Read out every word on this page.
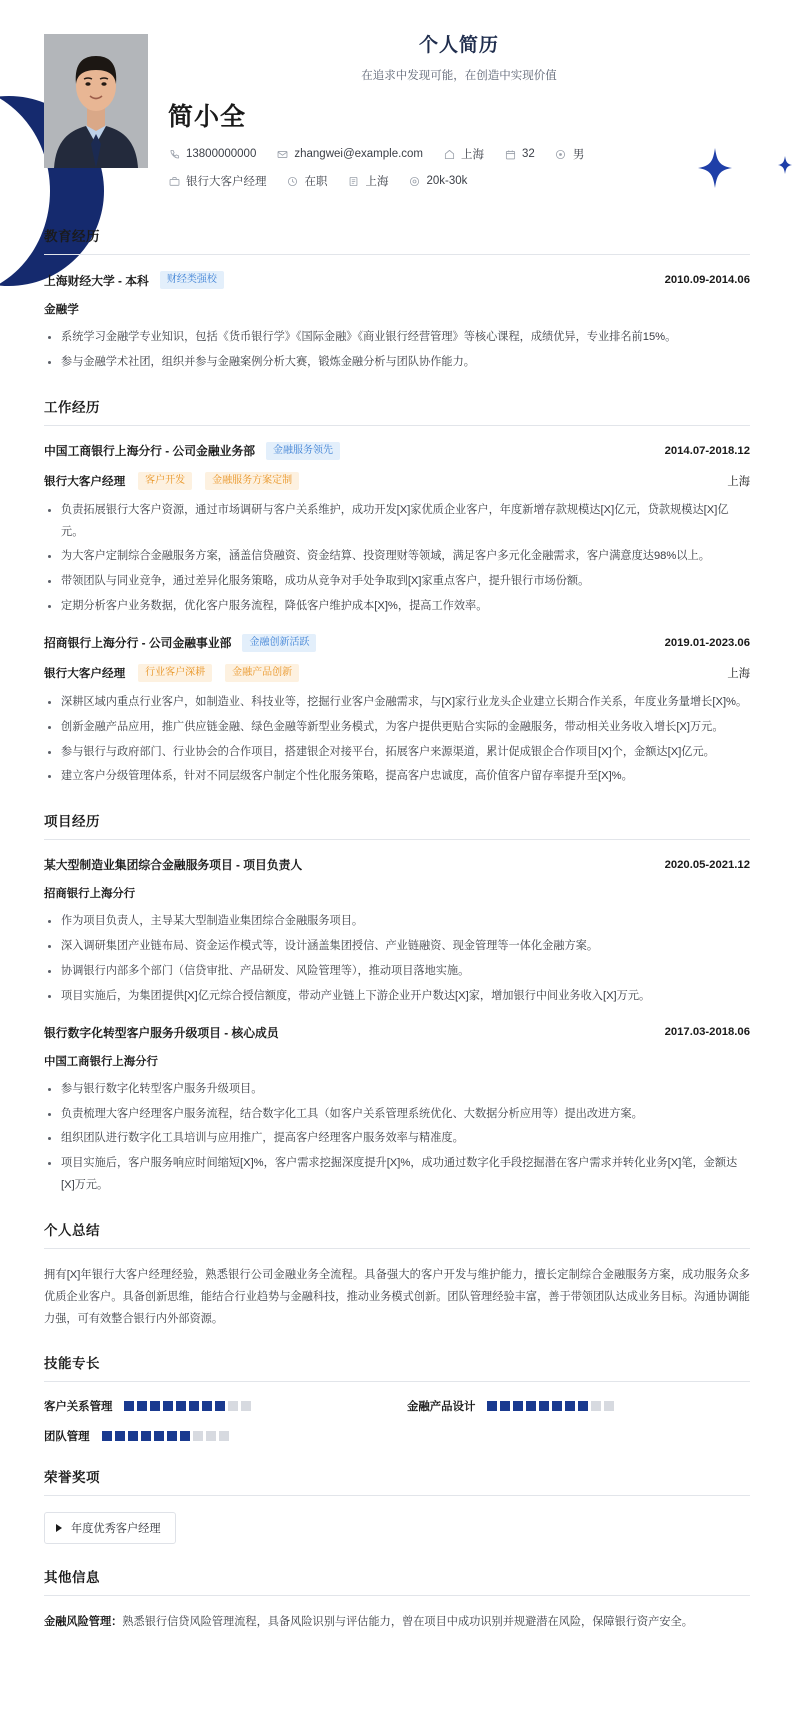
个人简历
在追求中发现可能，在创造中实现价值
简小全
13800000000	zhangwei@example.com	上海	32	男
银行大客户经理	在职	上海	20k-30k
教育经历
上海财经大学 - 本科	财经类强校	2010.09-2014.06
金融学
系统学习金融学专业知识，包括《货币银行学》《国际金融》《商业银行经营管理》等核心课程，成绩优异，专业排名前15%。
参与金融学术社团，组织并参与金融案例分析大赛，锻炼金融分析与团队协作能力。
工作经历
中国工商银行上海分行 - 公司金融业务部	金融服务领先	2014.07-2018.12
银行大客户经理	客户开发	金融服务方案定制	上海
负责拓展银行大客户资源，通过市场调研与客户关系维护，成功开发[X]家优质企业客户，年度新增存款规模达[X]亿元，贷款规模达[X]亿元。
为大客户定制综合金融服务方案，涵盖信贷融资、资金结算、投资理财等领域，满足客户多元化金融需求，客户满意度达98%以上。
带领团队与同业竞争，通过差异化服务策略，成功从竞争对手处争取到[X]家重点客户，提升银行市场份额。
定期分析客户业务数据，优化客户服务流程，降低客户维护成本[X]%，提高工作效率。
招商银行上海分行 - 公司金融事业部	金融创新活跃	2019.01-2023.06
银行大客户经理	行业客户深耕	金融产品创新	上海
深耕区域内重点行业客户，如制造业、科技业等，挖掘行业客户金融需求，与[X]家行业龙头企业建立长期合作关系，年度业务量增长[X]%。
创新金融产品应用，推广供应链金融、绿色金融等新型业务模式，为客户提供更贴合实际的金融服务，带动相关业务收入增长[X]万元。
参与银行与政府部门、行业协会的合作项目，搭建银企对接平台，拓展客户来源渠道，累计促成银企合作项目[X]个，金额达[X]亿元。
建立客户分级管理体系，针对不同层级客户制定个性化服务策略，提高客户忠诚度，高价值客户留存率提升至[X]%。
项目经历
某大型制造业集团综合金融服务项目 - 项目负责人	2020.05-2021.12
招商银行上海分行
作为项目负责人，主导某大型制造业集团综合金融服务项目。
深入调研集团产业链布局、资金运作模式等，设计涵盖集团授信、产业链融资、现金管理等一体化金融方案。
协调银行内部多个部门（信贷审批、产品研发、风险管理等），推动项目落地实施。
项目实施后，为集团提供[X]亿元综合授信额度，带动产业链上下游企业开户数达[X]家，增加银行中间业务收入[X]万元。
银行数字化转型客户服务升级项目 - 核心成员	2017.03-2018.06
中国工商银行上海分行
参与银行数字化转型客户服务升级项目。
负责梳理大客户经理客户服务流程，结合数字化工具（如客户关系管理系统优化、大数据分析应用等）提出改进方案。
组织团队进行数字化工具培训与应用推广，提高客户经理客户服务效率与精准度。
项目实施后，客户服务响应时间缩短[X]%，客户需求挖掘深度提升[X]%，成功通过数字化手段挖掘潜在客户需求并转化业务[X]笔，金额达[X]万元。
个人总结
拥有[X]年银行大客户经理经验，熟悉银行公司金融业务全流程。具备强大的客户开发与维护能力，擅长定制综合金融服务方案，成功服务众多优质企业客户。具备创新思维，能结合行业趋势与金融科技，推动业务模式创新。团队管理经验丰富，善于带领团队达成业务目标。沟通协调能力强，可有效整合银行内外部资源。
技能专长
客户关系管理	金融产品设计
团队管理
荣誉奖项
年度优秀客户经理
其他信息
金融风险管理：熟悉银行信贷风险管理流程，具备风险识别与评估能力，曾在项目中成功识别并规避潜在风险，保障银行资产安全。
